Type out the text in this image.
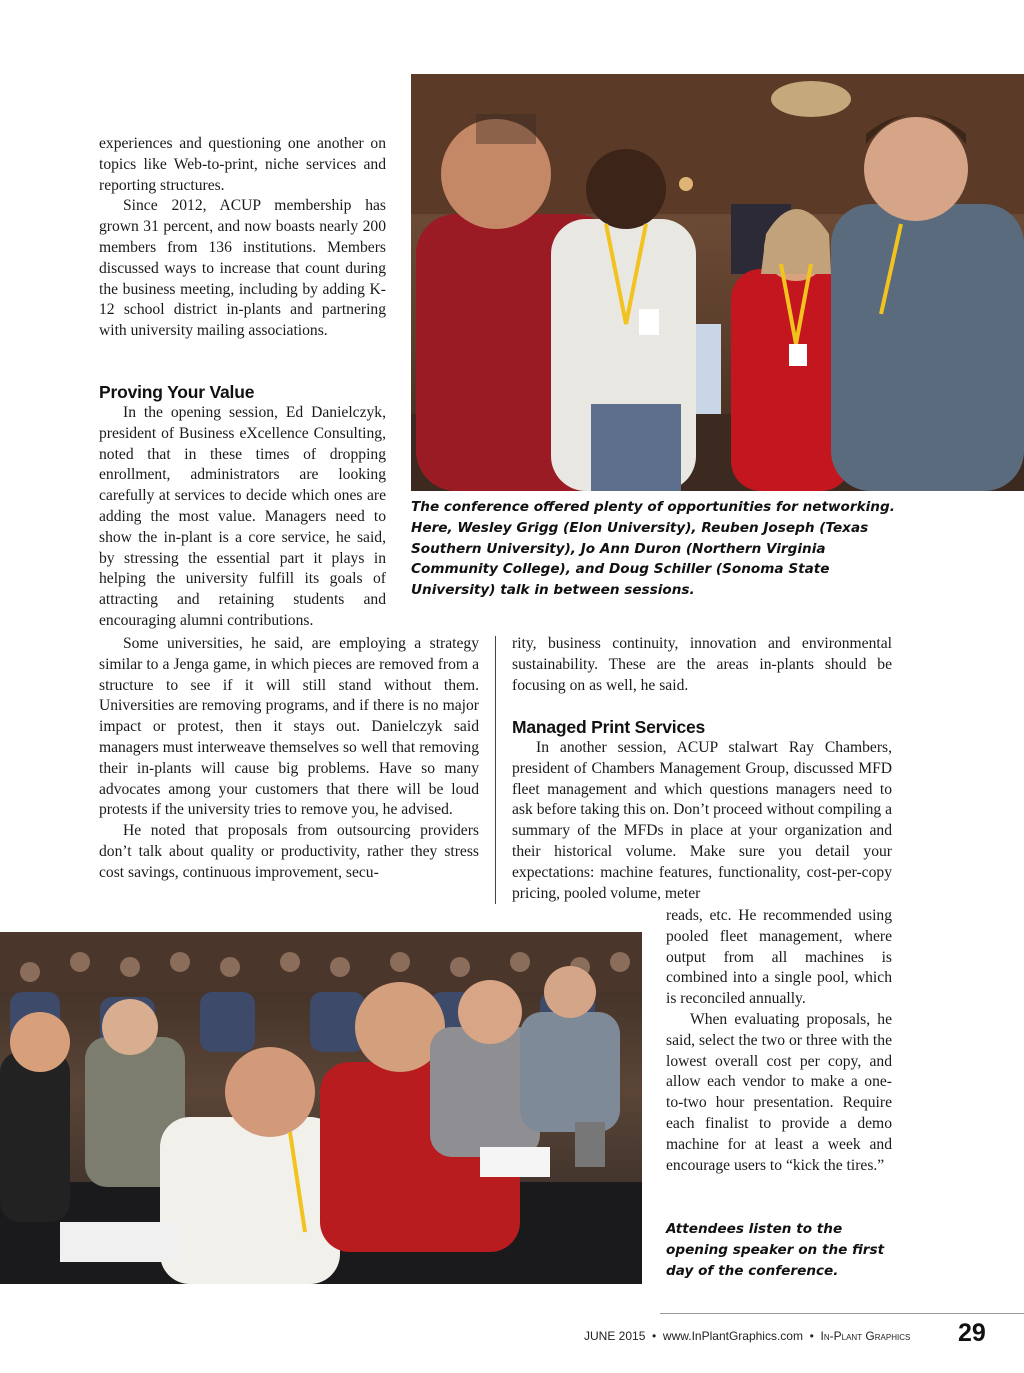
experiences and questioning one another on topics like Web-to-print, niche services and reporting structures.

Since 2012, ACUP membership has grown 31 percent, and now boasts nearly 200 members from 136 institutions. Members discussed ways to increase that count during the business meeting, including by adding K-12 school district in-plants and partnering with university mailing associations.

Proving Your Value

In the opening session, Ed Danielczyk, president of Business eXcellence Consulting, noted that in these times of dropping enrollment, administrators are looking carefully at services to decide which ones are adding the most value. Managers need to show the in-plant is a core service, he said, by stressing the essential part it plays in helping the university fulfill its goals of attracting and retaining students and encouraging alumni contributions.

Some universities, he said, are employing a strategy similar to a Jenga game, in which pieces are removed from a structure to see if it will still stand without them. Universities are removing programs, and if there is no major impact or protest, then it stays out. Danielczyk said managers must interweave themselves so well that removing their in-plants will cause big problems. Have so many advocates among your customers that there will be loud protests if the university tries to remove you, he advised.

He noted that proposals from outsourcing providers don’t talk about quality or productivity, rather they stress cost savings, continuous improvement, secu-

rity, business continuity, innovation and environmental sustainability. These are the areas in-plants should be focusing on as well, he said.

Managed Print Services

In another session, ACUP stalwart Ray Chambers, president of Chambers Management Group, discussed MFD fleet management and which questions managers need to ask before taking this on. Don’t proceed without compiling a summary of the MFDs in place at your organization and their historical volume. Make sure you detail your expectations: machine features, functionality, cost-per-copy pricing, pooled volume, meter

reads, etc. He recommended using pooled fleet management, where output from all machines is combined into a single pool, which is reconciled annually.

When evaluating proposals, he said, select the two or three with the lowest overall cost per copy, and allow each vendor to make a one-to-two hour presentation. Require each finalist to provide a demo machine for at least a week and encourage users to “kick the tires.”

The conference offered plenty of opportunities for networking. Here, Wesley Grigg (Elon University), Reuben Joseph (Texas Southern University), Jo Ann Duron (Northern Virginia Community College), and Doug Schiller (Sonoma State University) talk in between sessions.

Attendees listen to the opening speaker on the first day of the conference.

JUNE 2015 • www.InPlantGraphics.com • In-Plant Graphics	29
